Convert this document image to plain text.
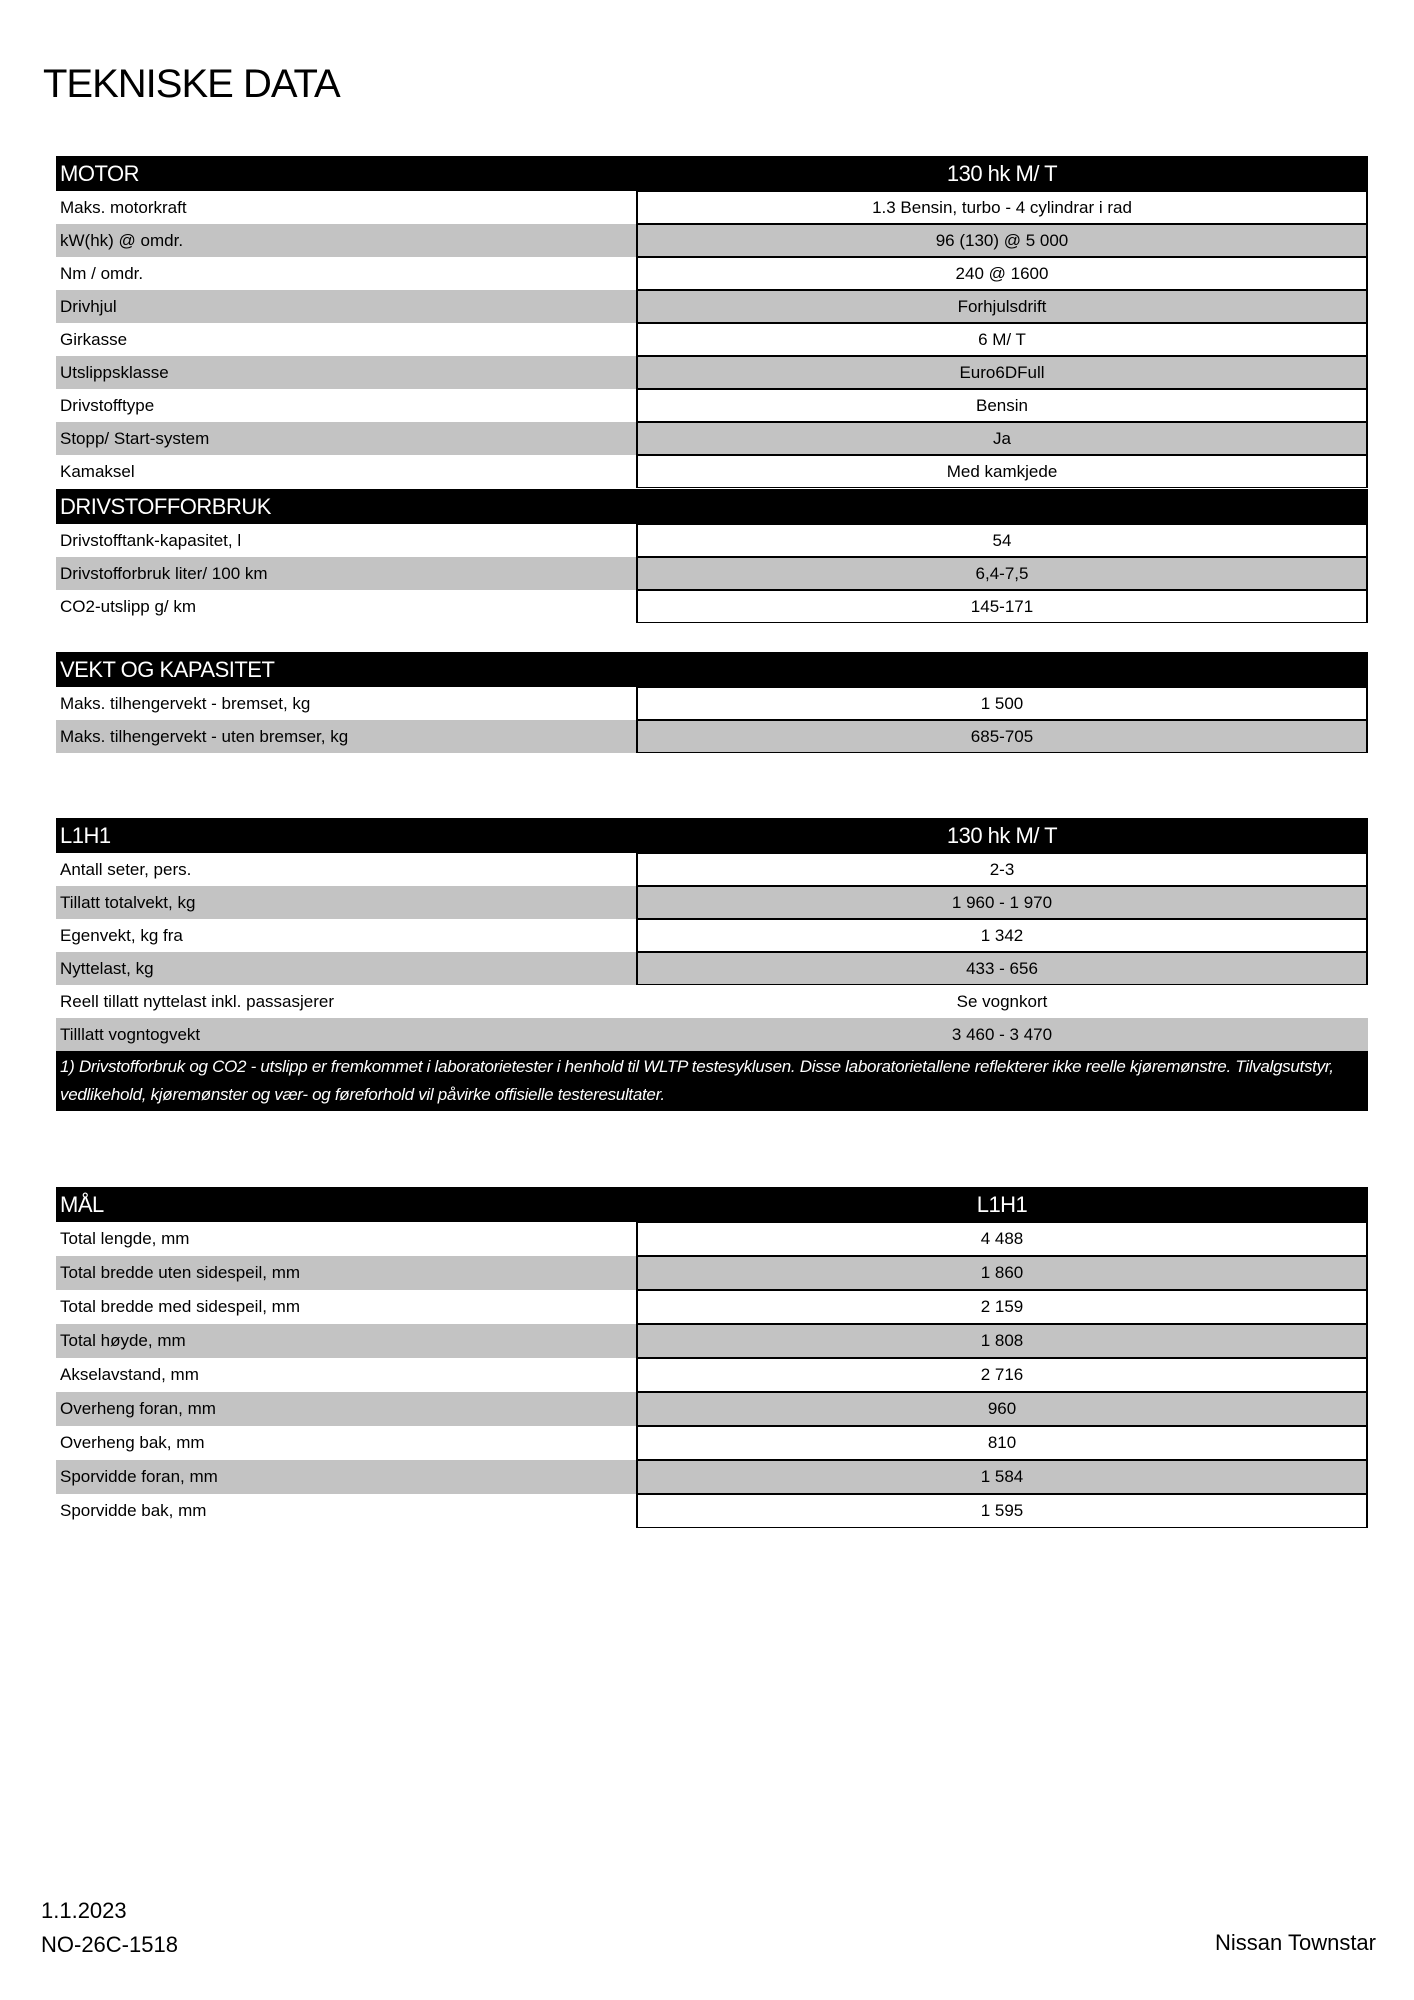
TEKNISKE DATA
MOTOR	130 hk M/ T
Maks. motorkraft	1.3 Bensin, turbo - 4 cylindrar i rad
kW(hk) @ omdr.	96 (130) @ 5 000
Nm / omdr.	240 @ 1600
Drivhjul	Forhjulsdrift
Girkasse	6 M/ T
Utslippsklasse	Euro6DFull
Drivstofftype	Bensin
Stopp/ Start-system	Ja
Kamaksel	Med kamkjede
DRIVSTOFFORBRUK
Drivstofftank-kapasitet, l	54
Drivstofforbruk liter/ 100 km	6,4-7,5
CO2-utslipp g/ km	145-171
VEKT OG KAPASITET
Maks. tilhengervekt - bremset, kg	1 500
Maks. tilhengervekt - uten bremser, kg	685-705
L1H1	130 hk M/ T
Antall seter, pers.	2-3
Tillatt totalvekt, kg	1 960 - 1 970
Egenvekt, kg fra	1 342
Nyttelast, kg	433 - 656
Reell tillatt nyttelast inkl. passasjerer	Se vognkort
Tilllatt vogntogvekt	3 460 - 3 470
1) Drivstofforbruk og CO2 - utslipp er fremkommet i laboratorietester i henhold til WLTP testesyklusen. Disse laboratorietallene reflekterer ikke reelle kjøremønstre. Tilvalgsutstyr, vedlikehold, kjøremønster og vær- og føreforhold vil påvirke offisielle testeresultater.
MÅL	L1H1
Total lengde, mm	4 488
Total bredde uten sidespeil, mm	1 860
Total bredde med sidespeil, mm	2 159
Total høyde, mm	1 808
Akselavstand, mm	2 716
Overheng foran, mm	960
Overheng bak, mm	810
Sporvidde foran, mm	1 584
Sporvidde bak, mm	1 595
1.1.2023
NO-26C-1518	Nissan Townstar
